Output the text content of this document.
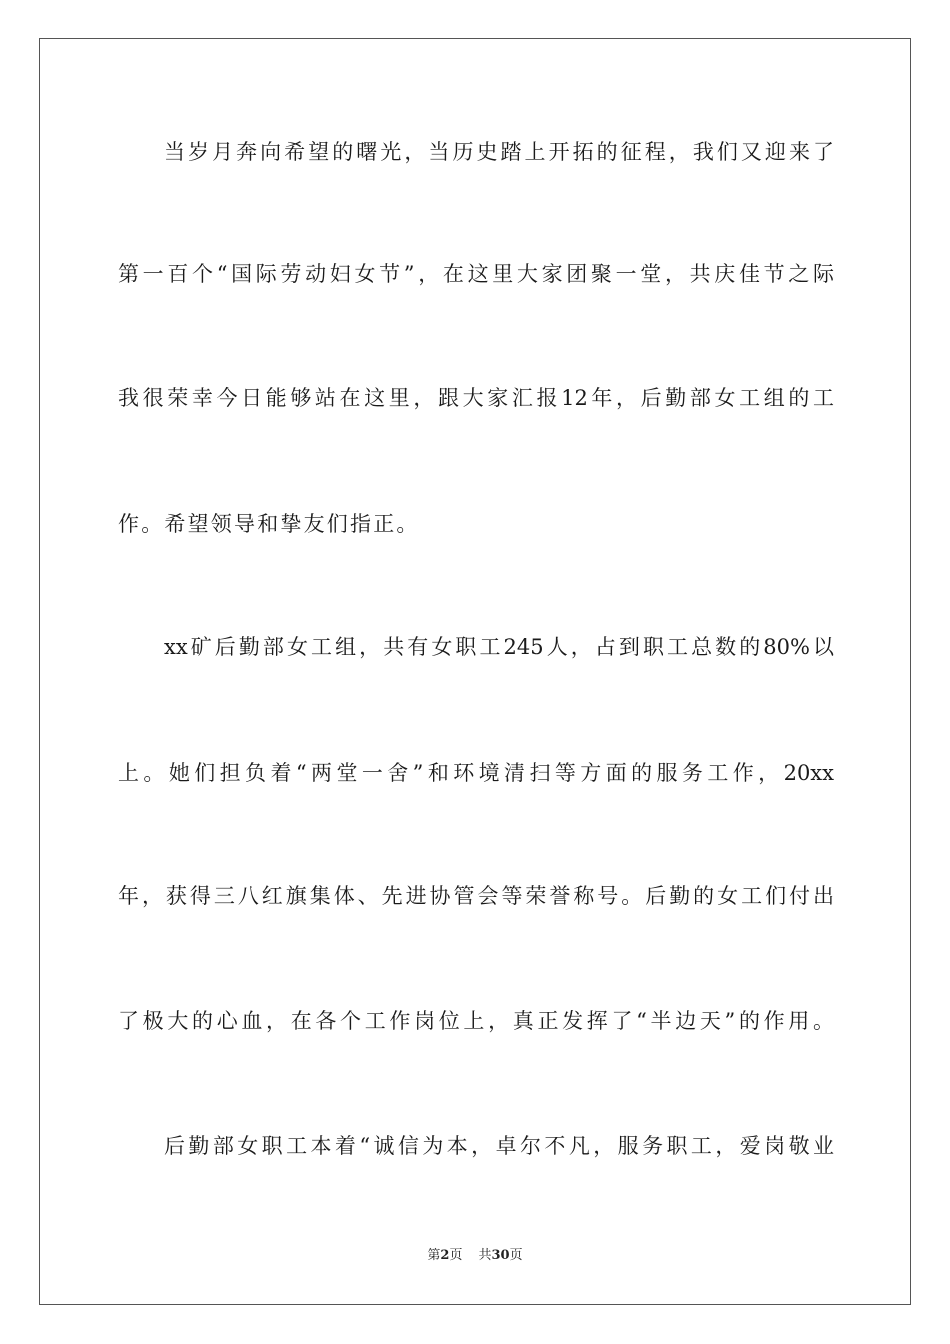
当岁月奔向希望的曙光，当历史踏上开拓的征程，我们又迎来了
第一百个“国际劳动妇女节”，在这里大家团聚一堂，共庆佳节之际
我很荣幸今日能够站在这里，跟大家汇报12年，后勤部女工组的工
作。希望领导和挚友们指正。
xx矿后勤部女工组，共有女职工245人，占到职工总数的80%以
上。她们担负着“两堂一舍”和环境清扫等方面的服务工作，20xx
年，获得三八红旗集体、先进协管会等荣誉称号。后勤的女工们付出
了极大的心血，在各个工作岗位上，真正发挥了“半边天”的作用。
后勤部女职工本着“诚信为本，卓尔不凡，服务职工，爱岗敬业
第2页 共30页
